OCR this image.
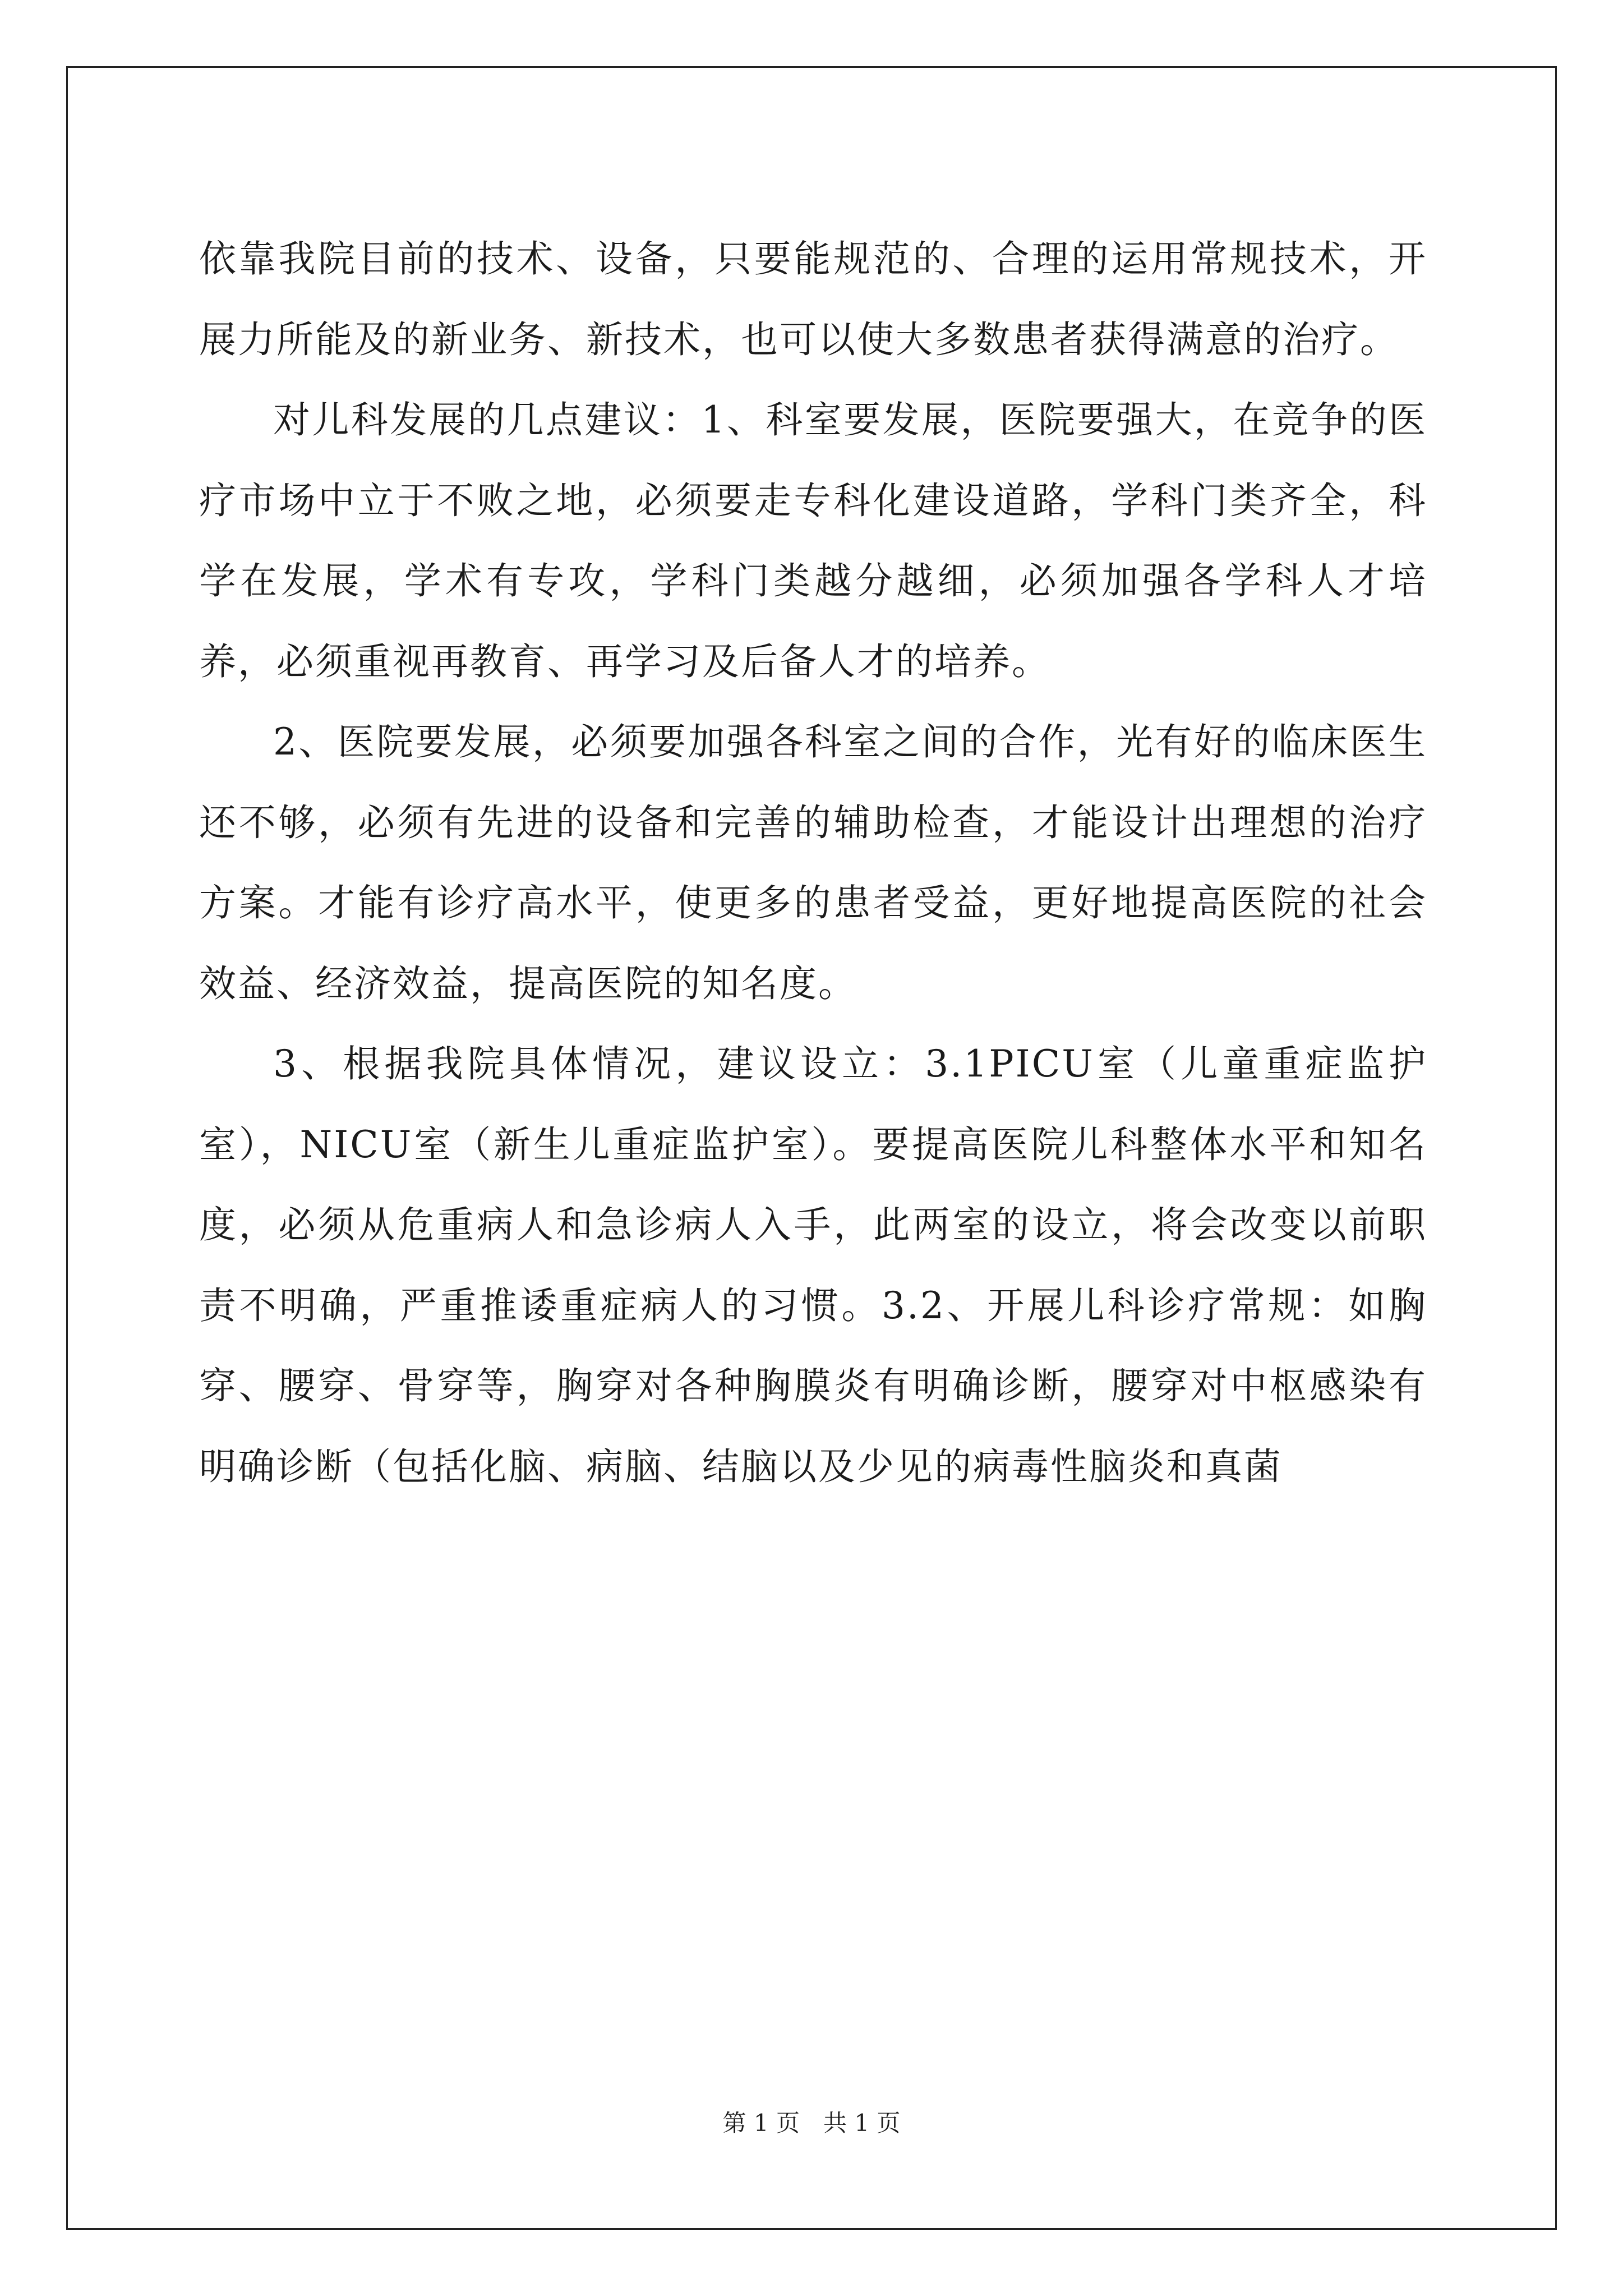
依靠我院目前的技术、设备，只要能规范的、合理的运用常规技术，开展力所能及的新业务、新技术，也可以使大多数患者获得满意的治疗。

对儿科发展的几点建议：1、科室要发展，医院要强大，在竞争的医疗市场中立于不败之地，必须要走专科化建设道路，学科门类齐全，科学在发展，学术有专攻，学科门类越分越细，必须加强各学科人才培养，必须重视再教育、再学习及后备人才的培养。

2、医院要发展，必须要加强各科室之间的合作，光有好的临床医生还不够，必须有先进的设备和完善的辅助检查，才能设计出理想的治疗方案。才能有诊疗高水平，使更多的患者受益，更好地提高医院的社会效益、经济效益，提高医院的知名度。

3、根据我院具体情况，建议设立：3.1PICU室（儿童重症监护室），NICU室（新生儿重症监护室）。要提高医院儿科整体水平和知名度，必须从危重病人和急诊病人入手，此两室的设立，将会改变以前职责不明确，严重推诿重症病人的习惯。3.2、开展儿科诊疗常规：如胸穿、腰穿、骨穿等，胸穿对各种胸膜炎有明确诊断，腰穿对中枢感染有明确诊断（包括化脑、病脑、结脑以及少见的病毒性脑炎和真菌

第 1 页　共 1 页
